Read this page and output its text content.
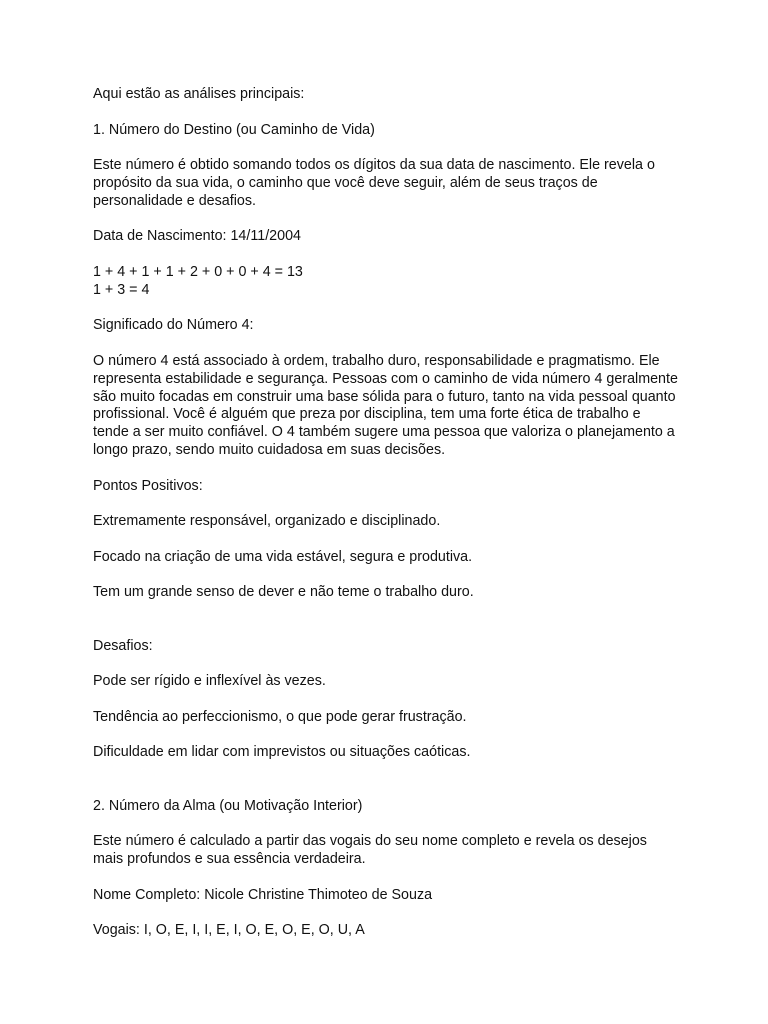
Aqui estão as análises principais:

1. Número do Destino (ou Caminho de Vida)

Este número é obtido somando todos os dígitos da sua data de nascimento. Ele revela o

propósito da sua vida, o caminho que você deve seguir, além de seus traços de

personalidade e desafios.

Data de Nascimento: 14/11/2004

1 + 4 + 1 + 1 + 2 + 0 + 0 + 4 = 13

1 + 3 = 4

Significado do Número 4:

O número 4 está associado à ordem, trabalho duro, responsabilidade e pragmatismo. Ele

representa estabilidade e segurança. Pessoas com o caminho de vida número 4 geralmente

são muito focadas em construir uma base sólida para o futuro, tanto na vida pessoal quanto

profissional. Você é alguém que preza por disciplina, tem uma forte ética de trabalho e

tende a ser muito confiável. O 4 também sugere uma pessoa que valoriza o planejamento a

longo prazo, sendo muito cuidadosa em suas decisões.

Pontos Positivos:

Extremamente responsável, organizado e disciplinado.

Focado na criação de uma vida estável, segura e produtiva.

Tem um grande senso de dever e não teme o trabalho duro.

Desafios:

Pode ser rígido e inflexível às vezes.

Tendência ao perfeccionismo, o que pode gerar frustração.

Dificuldade em lidar com imprevistos ou situações caóticas.

2. Número da Alma (ou Motivação Interior)

Este número é calculado a partir das vogais do seu nome completo e revela os desejos

mais profundos e sua essência verdadeira.

Nome Completo: Nicole Christine Thimoteo de Souza

Vogais: I, O, E, I, I, E, I, O, E, O, E, O, U, A
